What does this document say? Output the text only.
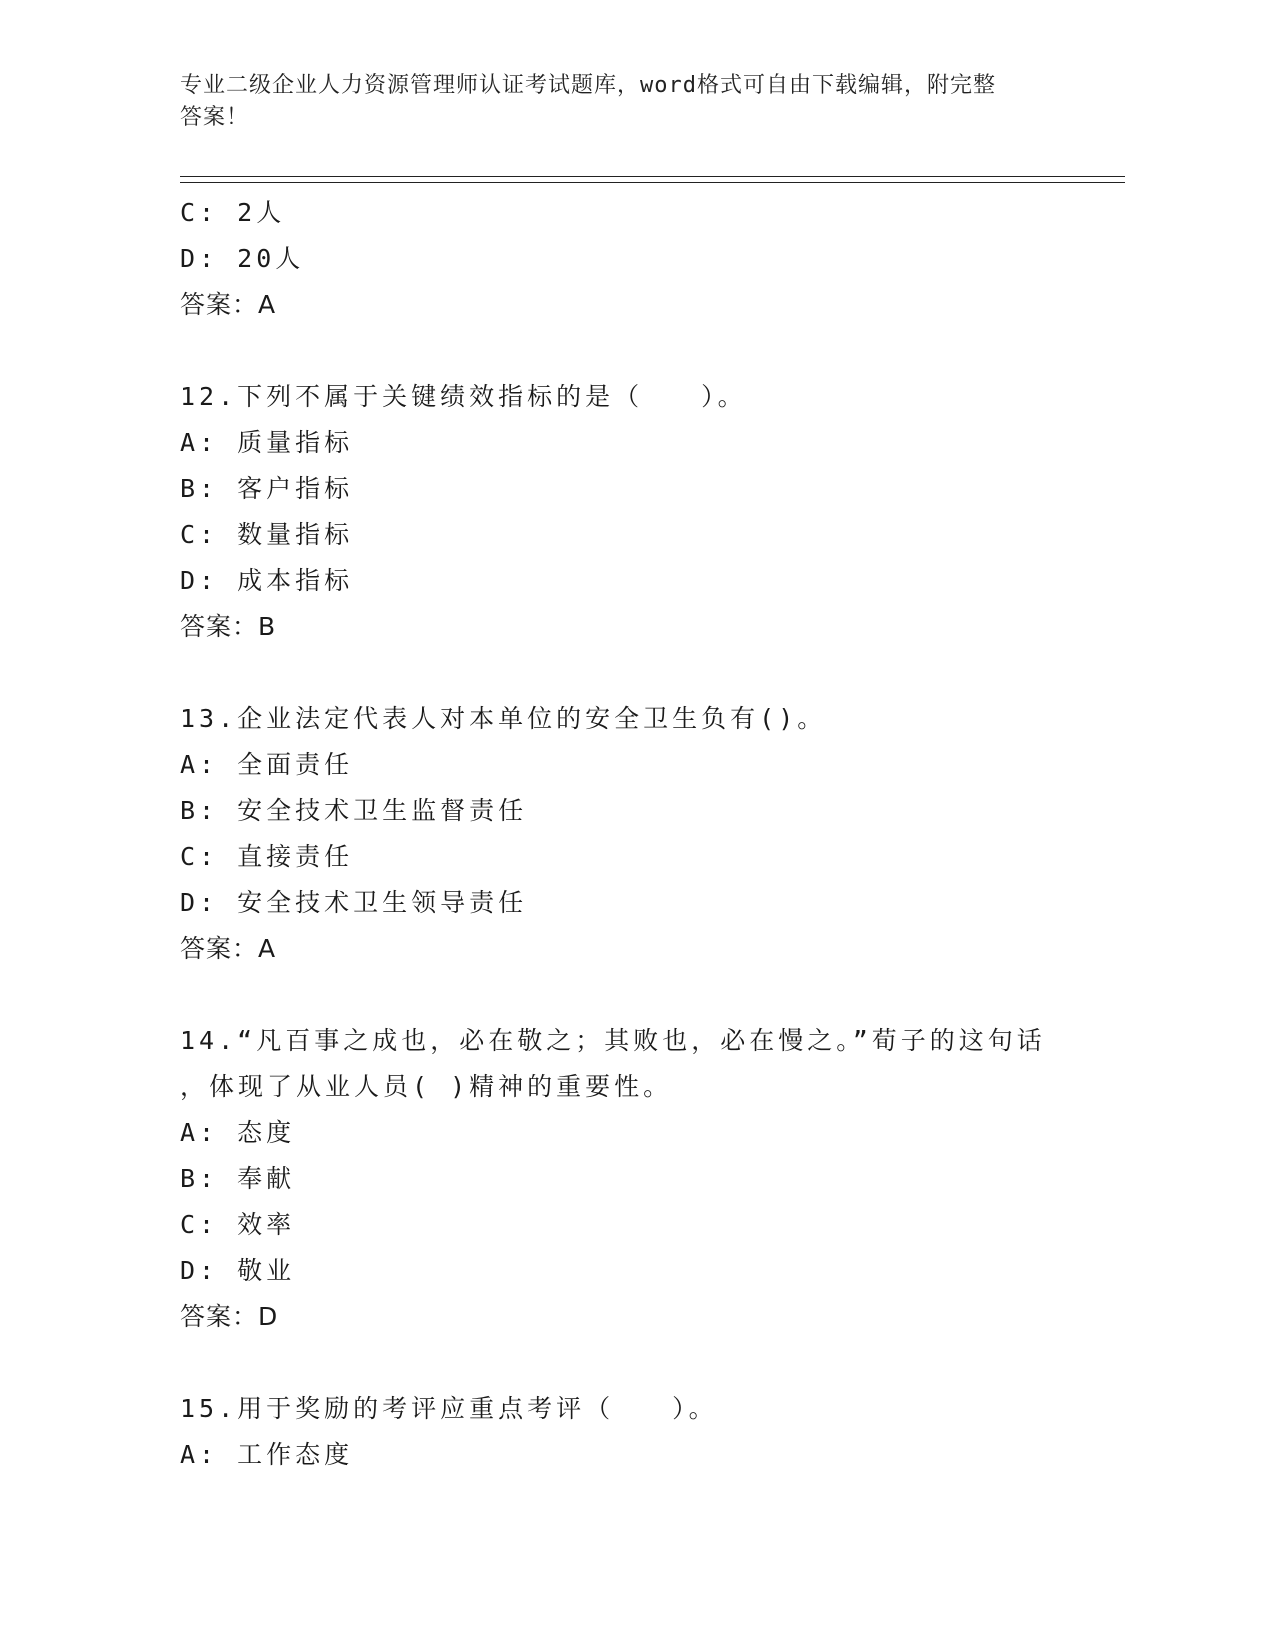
专业二级企业人力资源管理师认证考试题库，word格式可自由下载编辑，附完整
答案！
C: 2人
D: 20人
答案：A
12.下列不属于关键绩效指标的是（　　）。
A: 质量指标
B: 客户指标
C: 数量指标
D: 成本指标
答案：B
13.企业法定代表人对本单位的安全卫生负有()。
A: 全面责任
B: 安全技术卫生监督责任
C: 直接责任
D: 安全技术卫生领导责任
答案：A
14.“凡百事之成也，必在敬之；其败也，必在慢之。”荀子的这句话
，体现了从业人员( )精神的重要性。
A: 态度
B: 奉献
C: 效率
D: 敬业
答案：D
15.用于奖励的考评应重点考评（　　）。
A: 工作态度
